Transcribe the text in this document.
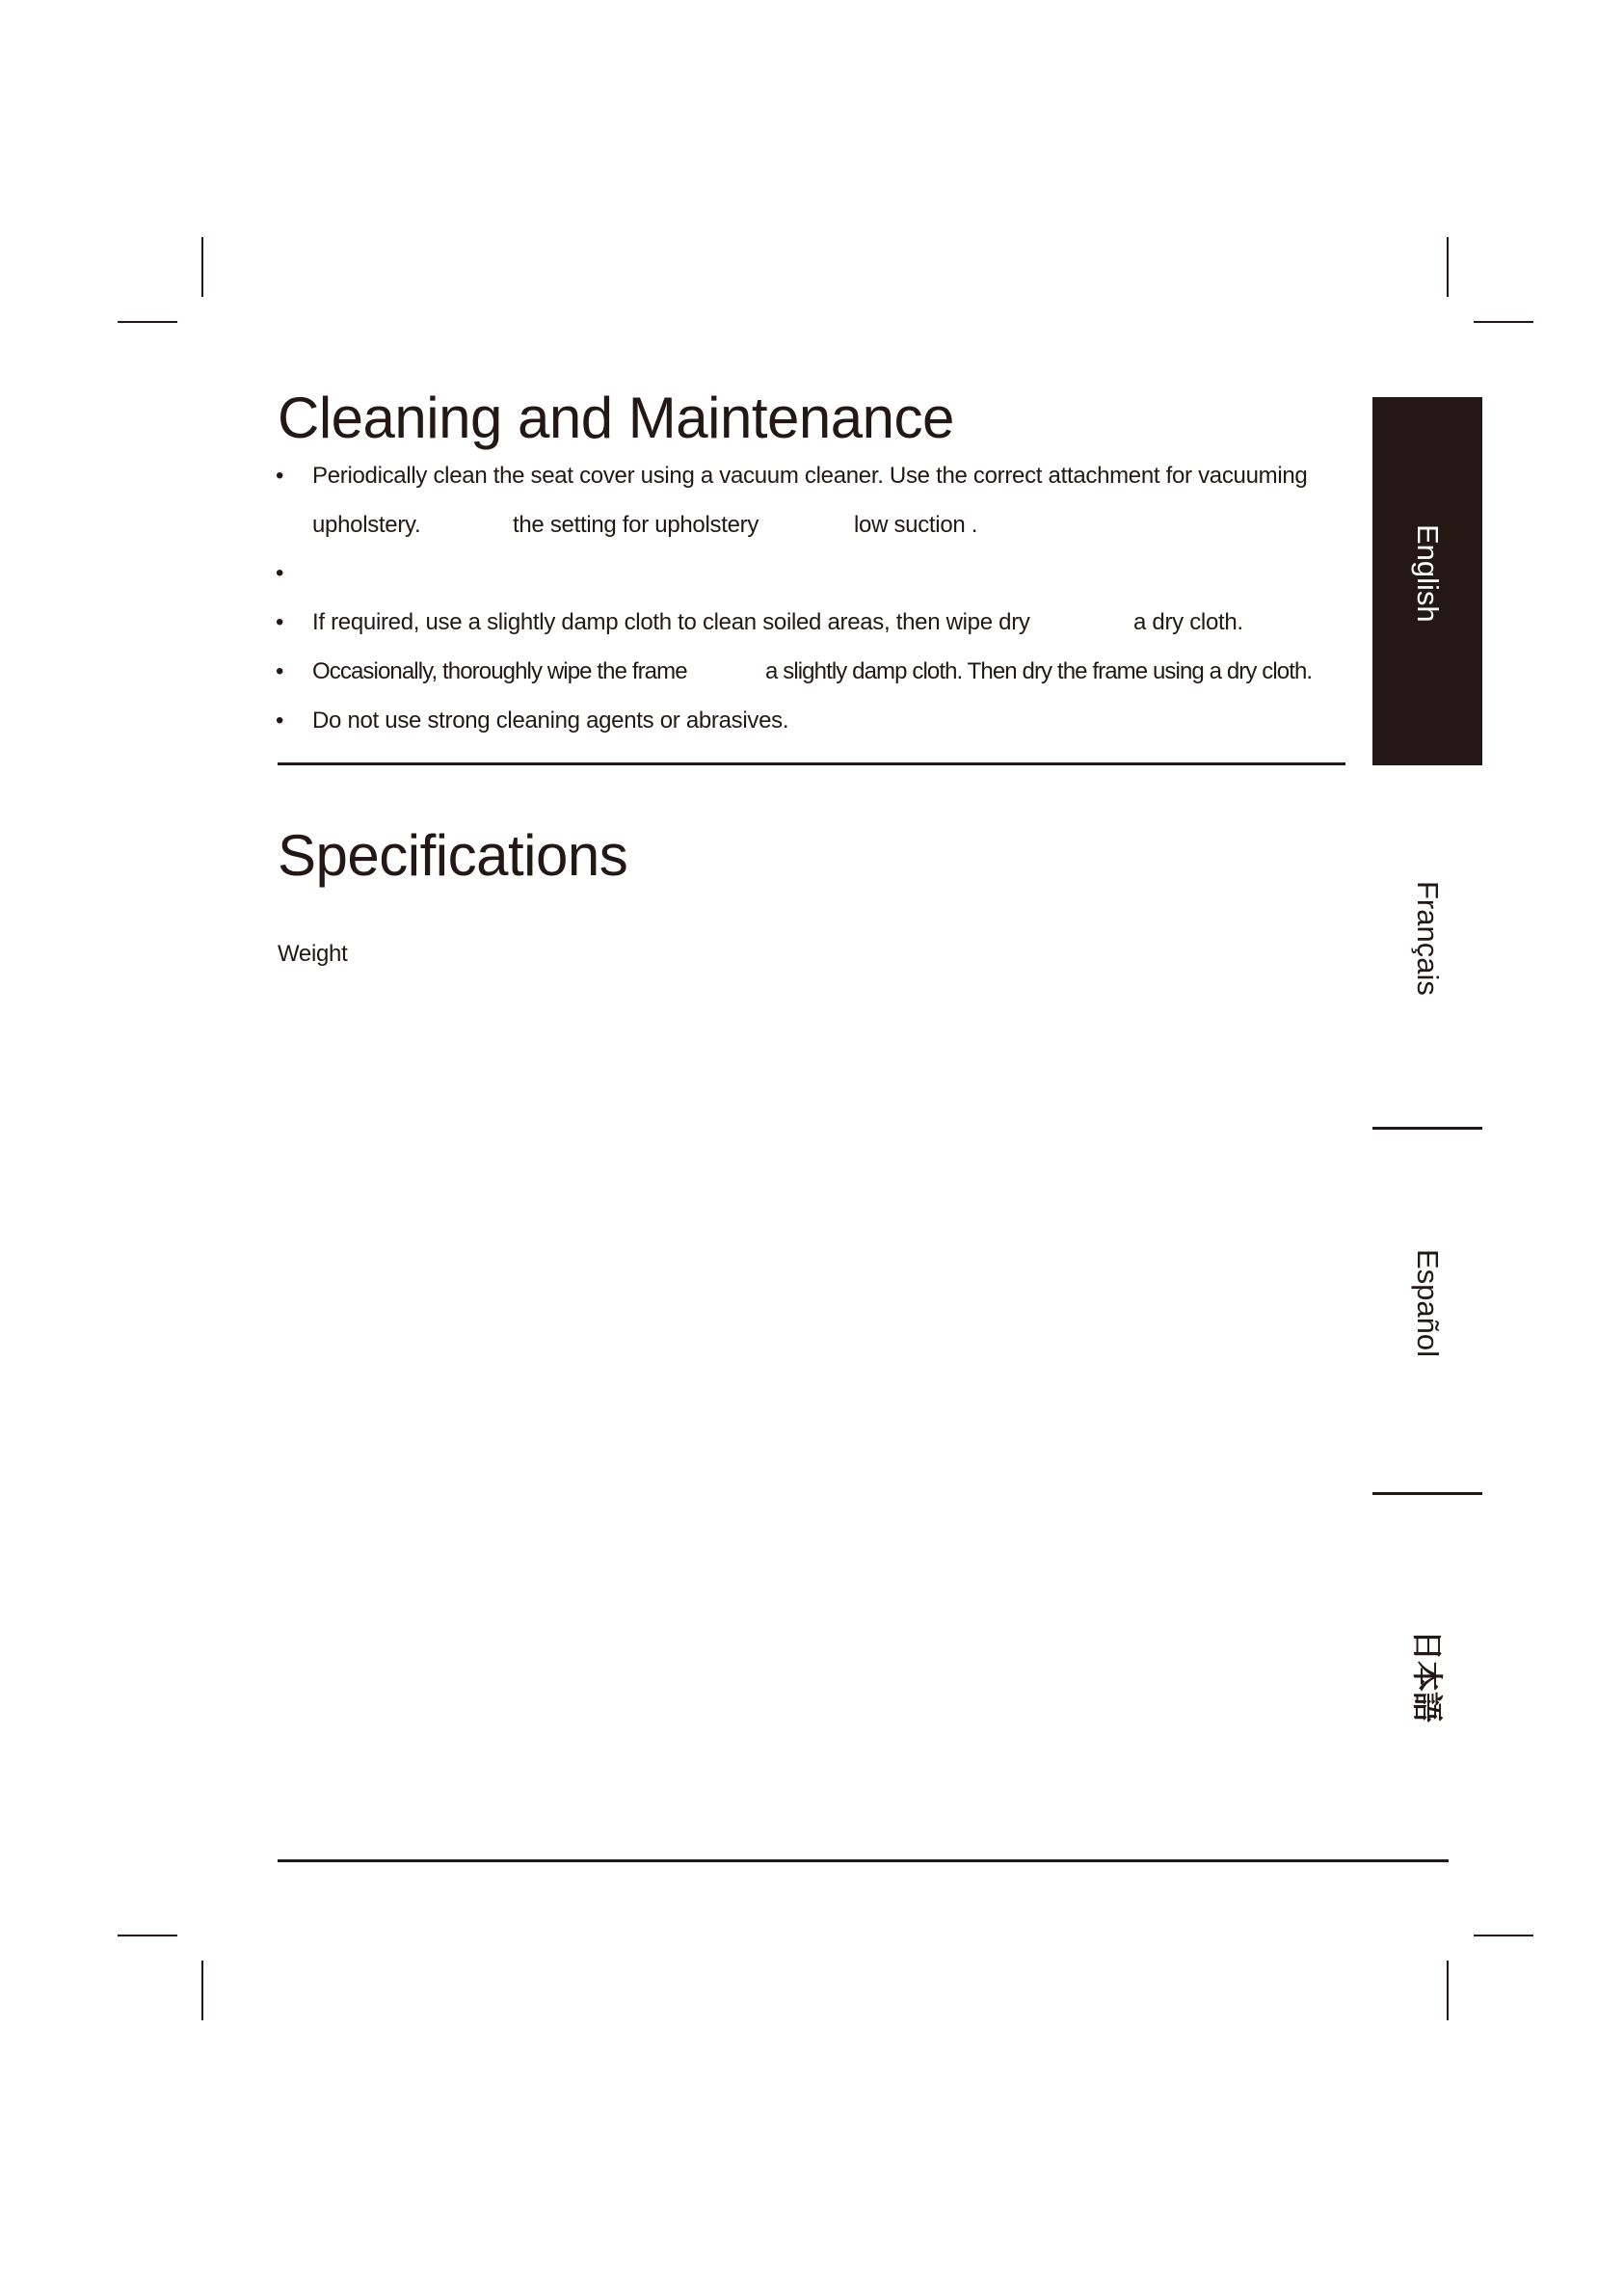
Cleaning and Maintenance
• Periodically clean the seat cover using a vacuum cleaner. Use the correct attachment for vacuuming
upholstery.	the setting for upholstery	low suction .
•
• If required, use a slightly damp cloth to clean soiled areas, then wipe dry	a dry cloth.
• Occasionally, thoroughly wipe the frame	a slightly damp cloth. Then dry the frame using a dry cloth.
• Do not use strong cleaning agents or abrasives.
Specifications
Weight
English
Français
Español
日本語
